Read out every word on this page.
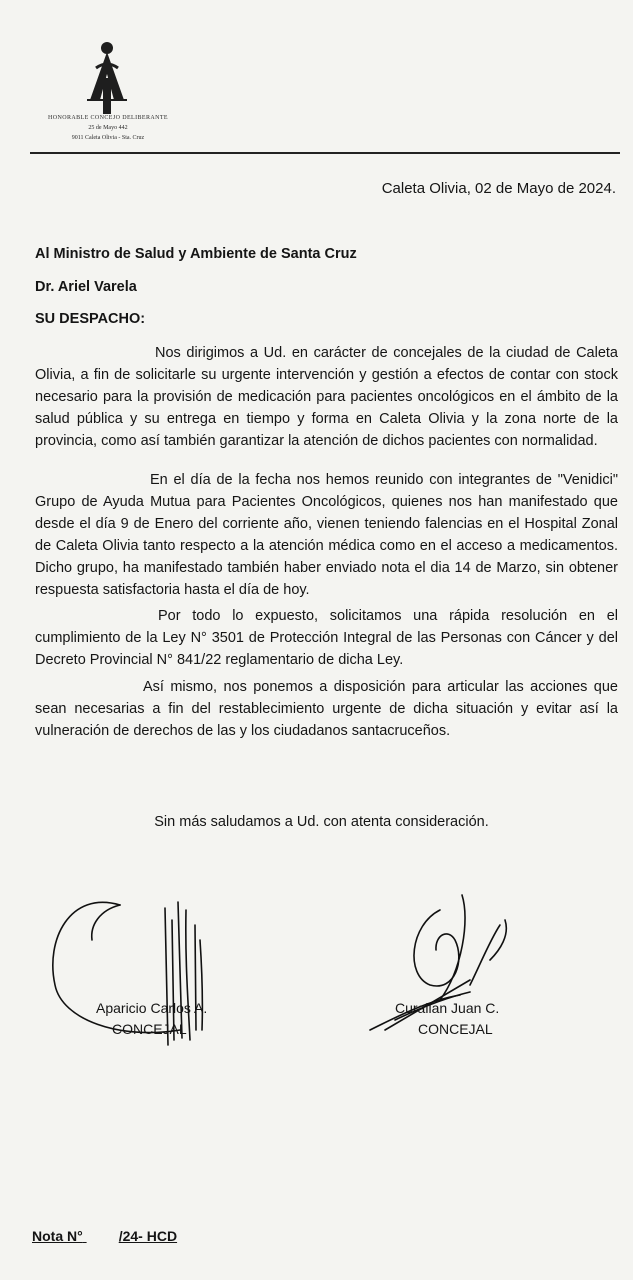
HONORABLE CONCEJO DELIBERANTE
25 de Mayo 442
9011 Caleta Olivia - Sta. Cruz
Caleta Olivia, 02 de Mayo de 2024.
Al Ministro de Salud y Ambiente de Santa Cruz
Dr. Ariel Varela
SU DESPACHO:

Nos dirigimos a Ud. en carácter de concejales de la ciudad de Caleta Olivia, a fin de solicitarle su urgente intervención y gestión a efectos de contar con stock necesario para la provisión de medicación para pacientes oncológicos en el ámbito de la salud pública y su entrega en tiempo y forma en Caleta Olivia y la zona norte de la provincia, como así también garantizar la atención de dichos pacientes con normalidad.

En el día de la fecha nos hemos reunido con integrantes de "Venidici" Grupo de Ayuda Mutua para Pacientes Oncológicos, quienes nos han manifestado que desde el día 9 de Enero del corriente año, vienen teniendo falencias en el Hospital Zonal de Caleta Olivia tanto respecto a la atención médica como en el acceso a medicamentos. Dicho grupo, ha manifestado también haber enviado nota el dia 14 de Marzo, sin obtener respuesta satisfactoria hasta el día de hoy.

Por todo lo expuesto, solicitamos una rápida resolución en el cumplimiento de la Ley N° 3501 de Protección Integral de las Personas con Cáncer y del Decreto Provincial N° 841/22 reglamentario de dicha Ley.

Así mismo, nos ponemos a disposición para articular las acciones que sean necesarias a fin del restablecimiento urgente de dicha situación y evitar así la vulneración de derechos de las y los ciudadanos santacruceños.

Sin más saludamos a Ud. con atenta consideración.
Aparicio Carlos A.
CONCEJAL
Curallan Juan C.
CONCEJAL
Nota N°	/24- HCD
